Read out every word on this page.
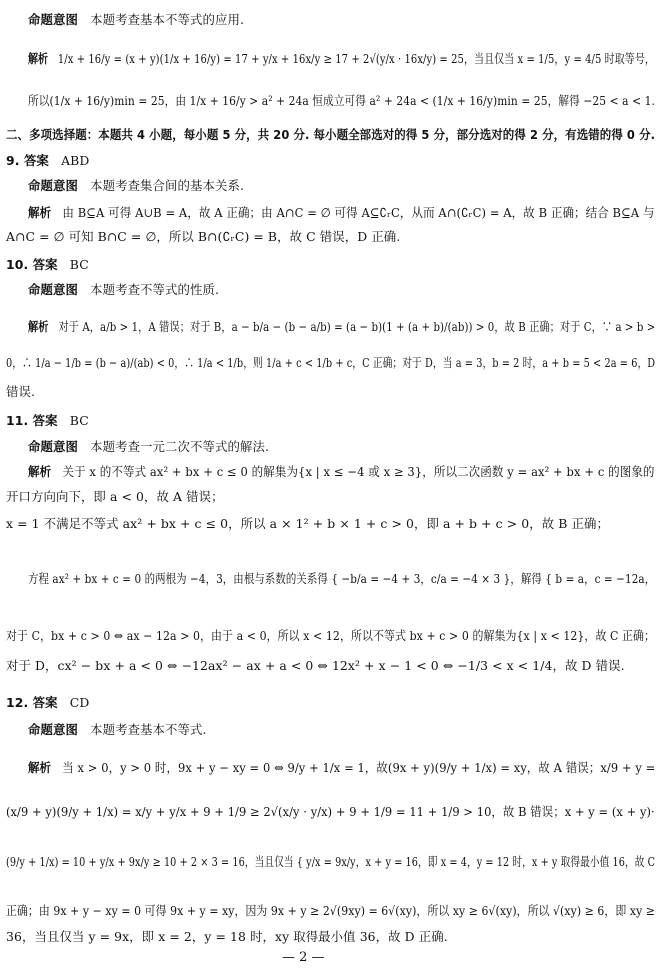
命题意图 本题考查基本不等式的应用.
解析 1/x + 16/y = (x + y)(1/x + 16/y) = 17 + y/x + 16x/y ≥ 17 + 2√(y/x · 16x/y) = 25，当且仅当 x = 1/5，y = 4/5 时取等号，
所以(1/x + 16/y)min = 25，由 1/x + 16/y > a² + 24a 恒成立可得 a² + 24a < (1/x + 16/y)min = 25，解得 −25 < a < 1.
二、多项选择题：本题共 4 小题，每小题 5 分，共 20 分. 每小题全部选对的得 5 分，部分选对的得 2 分，有选错的得 0 分.
9. 答案 ABD
命题意图 本题考查集合间的基本关系.
解析 由 B⊆A 可得 A∪B = A，故 A 正确；由 A∩C = ∅ 可得 A⊆∁ᵣC，从而 A∩(∁ᵣC) = A，故 B 正确；结合 B⊆A 与
A∩C = ∅ 可知 B∩C = ∅，所以 B∩(∁ᵣC) = B，故 C 错误，D 正确.
10. 答案 BC
命题意图 本题考查不等式的性质.
解析 对于 A，a/b > 1，A 错误；对于 B，a − b/a − (b − a/b) = (a − b)(1 + (a + b)/(ab)) > 0，故 B 正确；对于 C，∵ a > b >
0，∴ 1/a − 1/b = (b − a)/(ab) < 0，∴ 1/a < 1/b，则 1/a + c < 1/b + c，C 正确；对于 D，当 a = 3，b = 2 时，a + b = 5 < 2a = 6，D
错误.
11. 答案 BC
命题意图 本题考查一元二次不等式的解法.
解析 关于 x 的不等式 ax² + bx + c ≤ 0 的解集为{x | x ≤ −4 或 x ≥ 3}，所以二次函数 y = ax² + bx + c 的图象的
开口方向向下，即 a < 0，故 A 错误；
x = 1 不满足不等式 ax² + bx + c ≤ 0，所以 a × 1² + b × 1 + c > 0，即 a + b + c > 0，故 B 正确；
方程 ax² + bx + c = 0 的两根为 −4，3，由根与系数的关系得 { −b/a = −4 + 3，c/a = −4 × 3 }，解得 { b = a，c = −12a，
对于 C，bx + c > 0 ⇔ ax − 12a > 0，由于 a < 0，所以 x < 12，所以不等式 bx + c > 0 的解集为{x | x < 12}，故 C 正确；
对于 D，cx² − bx + a < 0 ⇔ −12ax² − ax + a < 0 ⇔ 12x² + x − 1 < 0 ⇔ −1/3 < x < 1/4，故 D 错误.
12. 答案 CD
命题意图 本题考查基本不等式.
解析 当 x > 0，y > 0 时，9x + y − xy = 0 ⇔ 9/y + 1/x = 1，故(9x + y)(9/y + 1/x) = xy，故 A 错误；x/9 + y =
(x/9 + y)(9/y + 1/x) = x/y + y/x + 9 + 1/9 ≥ 2√(x/y · y/x) + 9 + 1/9 = 11 + 1/9 > 10，故 B 错误；x + y = (x + y)·
(9/y + 1/x) = 10 + y/x + 9x/y ≥ 10 + 2 × 3 = 16，当且仅当 { y/x = 9x/y，x + y = 16，即 x = 4，y = 12 时，x + y 取得最小值 16，故 C
正确；由 9x + y − xy = 0 可得 9x + y = xy，因为 9x + y ≥ 2√(9xy) = 6√(xy)，所以 xy ≥ 6√(xy)，所以 √(xy) ≥ 6，即 xy ≥
36，当且仅当 y = 9x，即 x = 2，y = 18 时，xy 取得最小值 36，故 D 正确.
— 2 —
